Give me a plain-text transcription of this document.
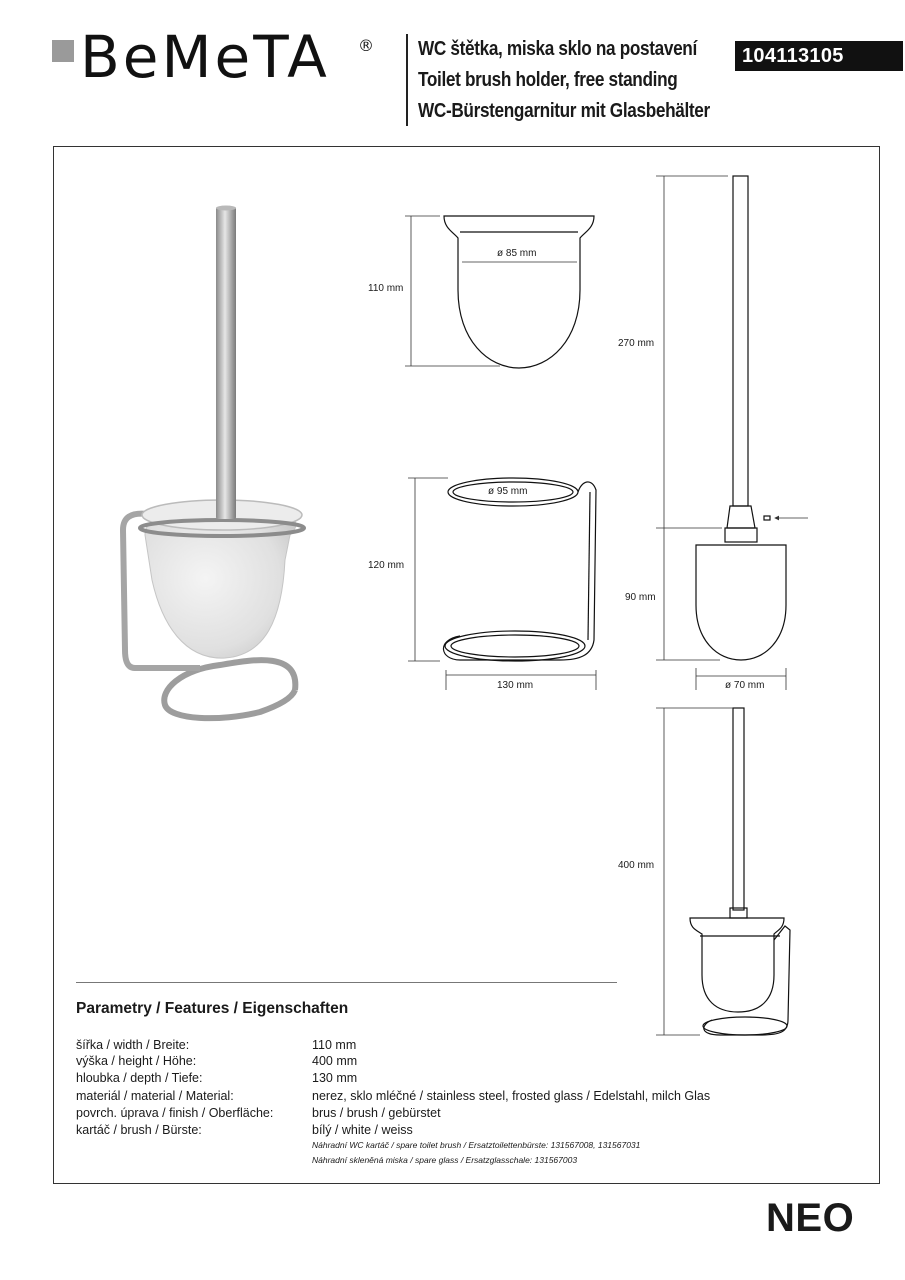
BeMeTA ® WC štětka, miska sklo na postavení
Toilet brush holder, free standing
WC-Bürstengarnitur mit Glasbehälter
104113105
110 mm
ø 85 mm
270 mm
120 mm
ø 95 mm
130 mm
90 mm
ø 70 mm
400 mm
Parametry / Features / Eigenschaften
šířka / width / Breite:	110 mm
výška / height / Höhe:	400 mm
hloubka / depth / Tiefe:	130 mm
materiál / material / Material:	nerez, sklo mléčné / stainless steel, frosted glass / Edelstahl, milch Glas
povrch. úprava / finish / Oberfläche:	brus / brush / gebürstet
kartáč / brush / Bürste:	bílý / white / weiss
Náhradní WC kartáč / spare toilet brush / Ersatztoilettenbürste: 131567008, 131567031
Náhradní skleněná miska / spare glass / Ersatzglasschale: 131567003
NEO
